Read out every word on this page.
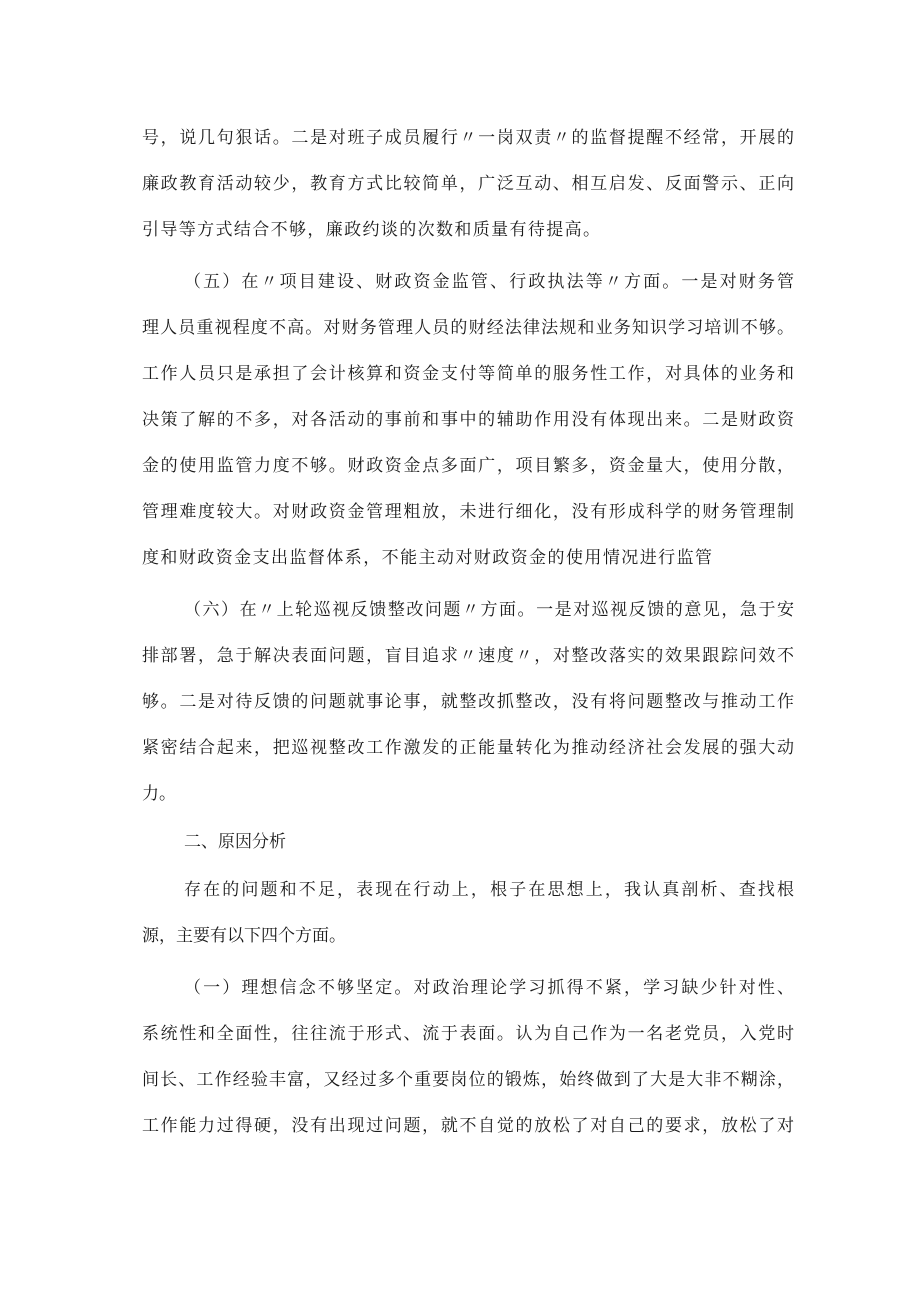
号，说几句狠话。二是对班子成员履行〃一岗双责〃的监督提醒不经常，开展的
廉政教育活动较少，教育方式比较简单，广泛互动、相互启发、反面警示、正向
引导等方式结合不够，廉政约谈的次数和质量有待提高。
（五）在〃项目建设、财政资金监管、行政执法等〃方面。一是对财务管
理人员重视程度不高。对财务管理人员的财经法律法规和业务知识学习培训不够。
工作人员只是承担了会计核算和资金支付等简单的服务性工作，对具体的业务和
决策了解的不多，对各活动的事前和事中的辅助作用没有体现出来。二是财政资
金的使用监管力度不够。财政资金点多面广，项目繁多，资金量大，使用分散，
管理难度较大。对财政资金管理粗放，未进行细化，没有形成科学的财务管理制
度和财政资金支出监督体系，不能主动对财政资金的使用情况进行监管
（六）在〃上轮巡视反馈整改问题〃方面。一是对巡视反馈的意见，急于安
排部署，急于解决表面问题，盲目追求〃速度〃，对整改落实的效果跟踪问效不
够。二是对待反馈的问题就事论事，就整改抓整改，没有将问题整改与推动工作
紧密结合起来，把巡视整改工作激发的正能量转化为推动经济社会发展的强大动
力。
二、原因分析
存在的问题和不足，表现在行动上，根子在思想上，我认真剖析、查找根
源，主要有以下四个方面。
（一）理想信念不够坚定。对政治理论学习抓得不紧，学习缺少针对性、
系统性和全面性，往往流于形式、流于表面。认为自己作为一名老党员，入党时
间长、工作经验丰富，又经过多个重要岗位的锻炼，始终做到了大是大非不糊涂，
工作能力过得硬，没有出现过问题，就不自觉的放松了对自己的要求，放松了对
